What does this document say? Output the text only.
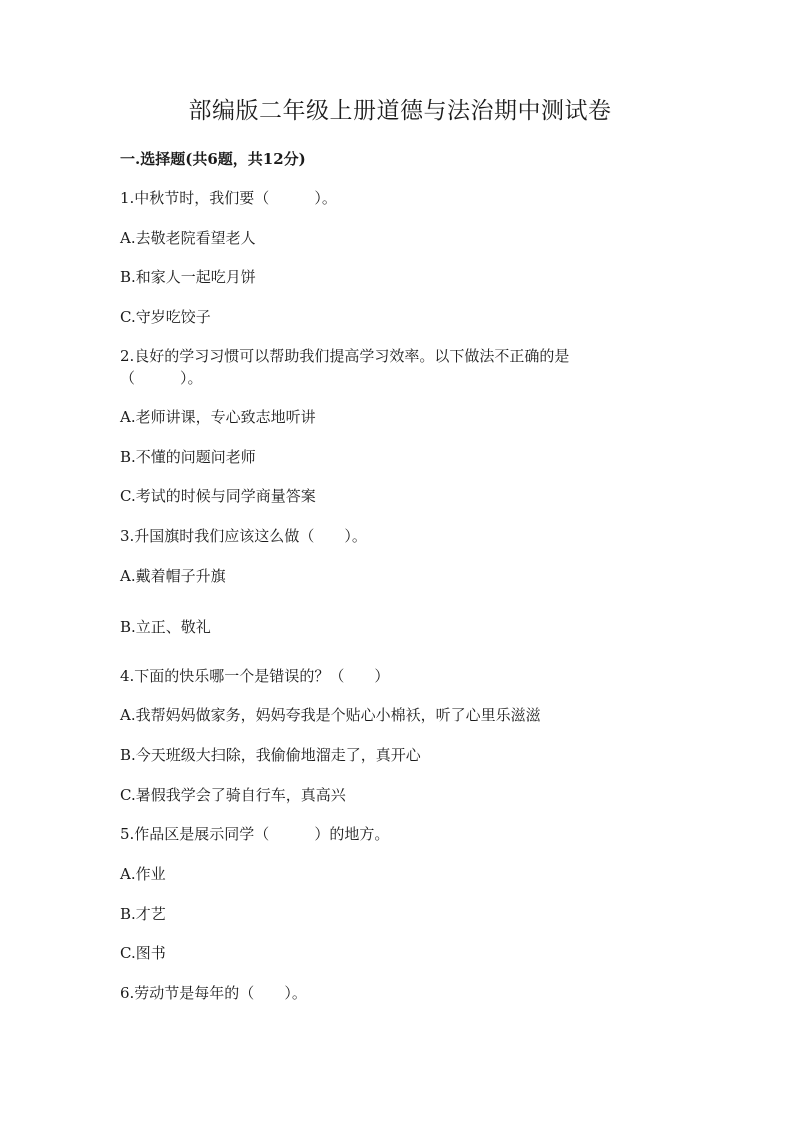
部编版二年级上册道德与法治期中测试卷
一.选择题(共6题，共12分)
1.中秋节时，我们要（　　　）。
A.去敬老院看望老人
B.和家人一起吃月饼
C.守岁吃饺子
2.良好的学习习惯可以帮助我们提高学习效率。以下做法不正确的是
（　　　）。
A.老师讲课，专心致志地听讲
B.不懂的问题问老师
C.考试的时候与同学商量答案
3.升国旗时我们应该这么做（　　）。
A.戴着帽子升旗
B.立正、敬礼
4.下面的快乐哪一个是错误的？（　　）
A.我帮妈妈做家务，妈妈夸我是个贴心小棉袄，听了心里乐滋滋
B.今天班级大扫除，我偷偷地溜走了，真开心
C.暑假我学会了骑自行车，真高兴
5.作品区是展示同学（　　　）的地方。
A.作业
B.才艺
C.图书
6.劳动节是每年的（　　）。
